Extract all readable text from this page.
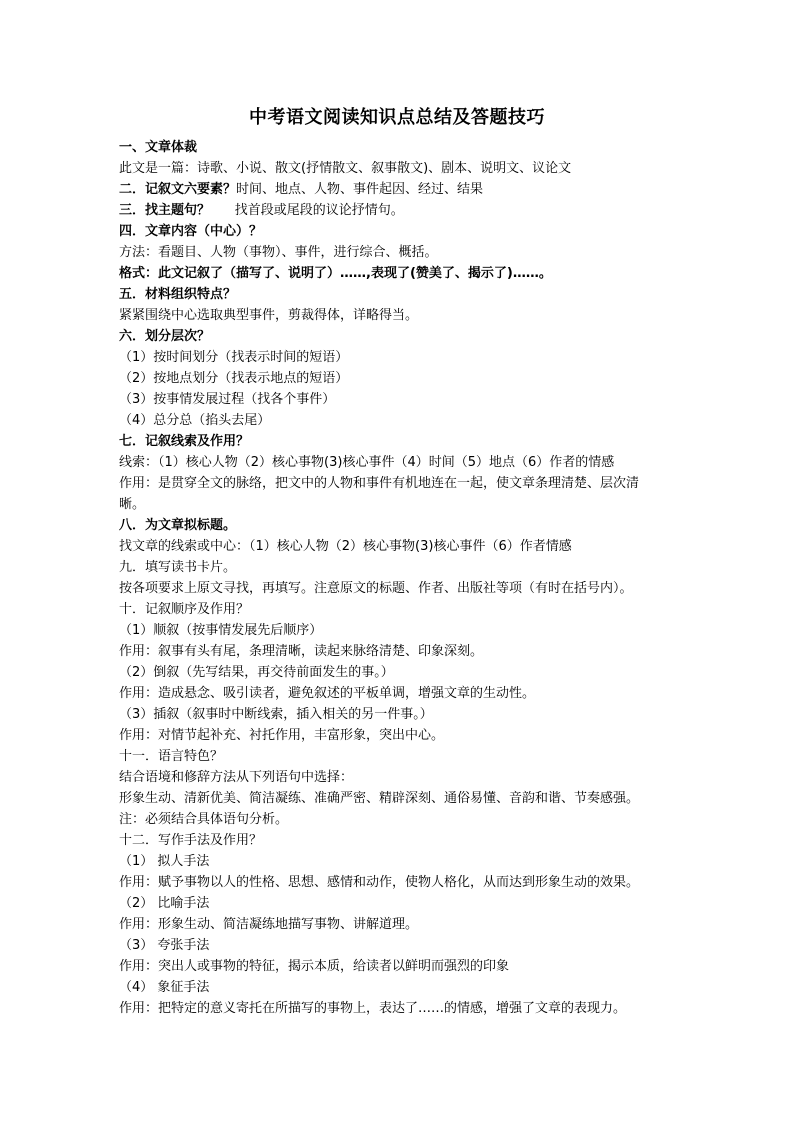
中考语文阅读知识点总结及答题技巧
一、文章体裁
此文是一篇：诗歌、小说、散文(抒情散文、叙事散文)、剧本、说明文、议论文
二．记叙文六要素？时间、地点、人物、事件起因、经过、结果
三．找主题句？      找首段或尾段的议论抒情句。
四．文章内容（中心）？
方法：看题目、人物（事物）、事件，进行综合、概括。
格式：此文记叙了（描写了、说明了）……,表现了(赞美了、揭示了)……。
五．材料组织特点？
紧紧围绕中心选取典型事件，剪裁得体，详略得当。
六．划分层次？
（1）按时间划分（找表示时间的短语）
（2）按地点划分（找表示地点的短语）
（3）按事情发展过程（找各个事件）
（4）总分总（掐头去尾）
七．记叙线索及作用？
线索：（1）核心人物（2）核心事物(3)核心事件（4）时间（5）地点（6）作者的情感
作用：是贯穿全文的脉络，把文中的人物和事件有机地连在一起，使文章条理清楚、层次清
晰。
八．为文章拟标题。
找文章的线索或中心：（1）核心人物（2）核心事物(3)核心事件（6）作者情感
九．填写读书卡片。
按各项要求上原文寻找，再填写。注意原文的标题、作者、出版社等项（有时在括号内）。
十．记叙顺序及作用？
（1）顺叙（按事情发展先后顺序）
作用：叙事有头有尾，条理清晰，读起来脉络清楚、印象深刻。
（2）倒叙（先写结果，再交待前面发生的事。）
作用：造成悬念、吸引读者，避免叙述的平板单调，增强文章的生动性。
（3）插叙（叙事时中断线索，插入相关的另一件事。）
作用：对情节起补充、衬托作用，丰富形象，突出中心。
十一．语言特色？
结合语境和修辞方法从下列语句中选择：
形象生动、清新优美、简洁凝练、准确严密、精辟深刻、通俗易懂、音韵和谐、节奏感强。
注：必须结合具体语句分析。
十二．写作手法及作用？
（1） 拟人手法
作用：赋予事物以人的性格、思想、感情和动作，使物人格化，从而达到形象生动的效果。
（2） 比喻手法
作用：形象生动、简洁凝练地描写事物、讲解道理。
（3） 夸张手法
作用：突出人或事物的特征，揭示本质，给读者以鲜明而强烈的印象
（4） 象征手法
作用：把特定的意义寄托在所描写的事物上，表达了……的情感，增强了文章的表现力。
